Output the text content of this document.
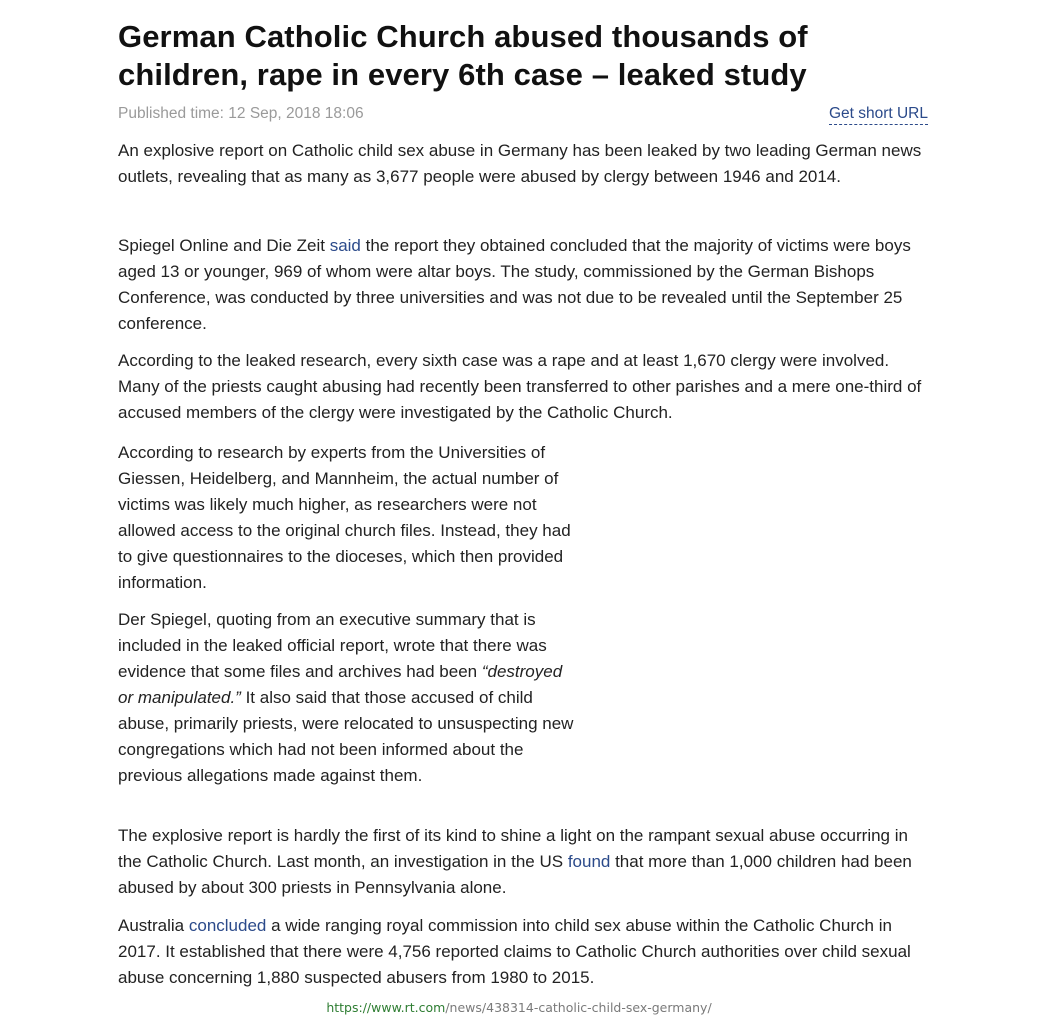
German Catholic Church abused thousands of children, rape in every 6th case – leaked study
Published time: 12 Sep, 2018 18:06	Get short URL

An explosive report on Catholic child sex abuse in Germany has been leaked by two leading German news outlets, revealing that as many as 3,677 people were abused by clergy between 1946 and 2014.

Spiegel Online and Die Zeit said the report they obtained concluded that the majority of victims were boys aged 13 or younger, 969 of whom were altar boys. The study, commissioned by the German Bishops Conference, was conducted by three universities and was not due to be revealed until the September 25 conference.

According to the leaked research, every sixth case was a rape and at least 1,670 clergy were involved. Many of the priests caught abusing had recently been transferred to other parishes and a mere one-third of accused members of the clergy were investigated by the Catholic Church.

According to research by experts from the Universities of Giessen, Heidelberg, and Mannheim, the actual number of victims was likely much higher, as researchers were not allowed access to the original church files. Instead, they had to give questionnaires to the dioceses, which then provided information.

Der Spiegel, quoting from an executive summary that is included in the leaked official report, wrote that there was evidence that some files and archives had been “destroyed or manipulated.” It also said that those accused of child abuse, primarily priests, were relocated to unsuspecting new congregations which had not been informed about the previous allegations made against them.

The explosive report is hardly the first of its kind to shine a light on the rampant sexual abuse occurring in the Catholic Church. Last month, an investigation in the US found that more than 1,000 children had been abused by about 300 priests in Pennsylvania alone.

Australia concluded a wide ranging royal commission into child sex abuse within the Catholic Church in 2017. It established that there were 4,756 reported claims to Catholic Church authorities over child sexual abuse concerning 1,880 suspected abusers from 1980 to 2015.

https://www.rt.com/news/438314-catholic-child-sex-germany/
